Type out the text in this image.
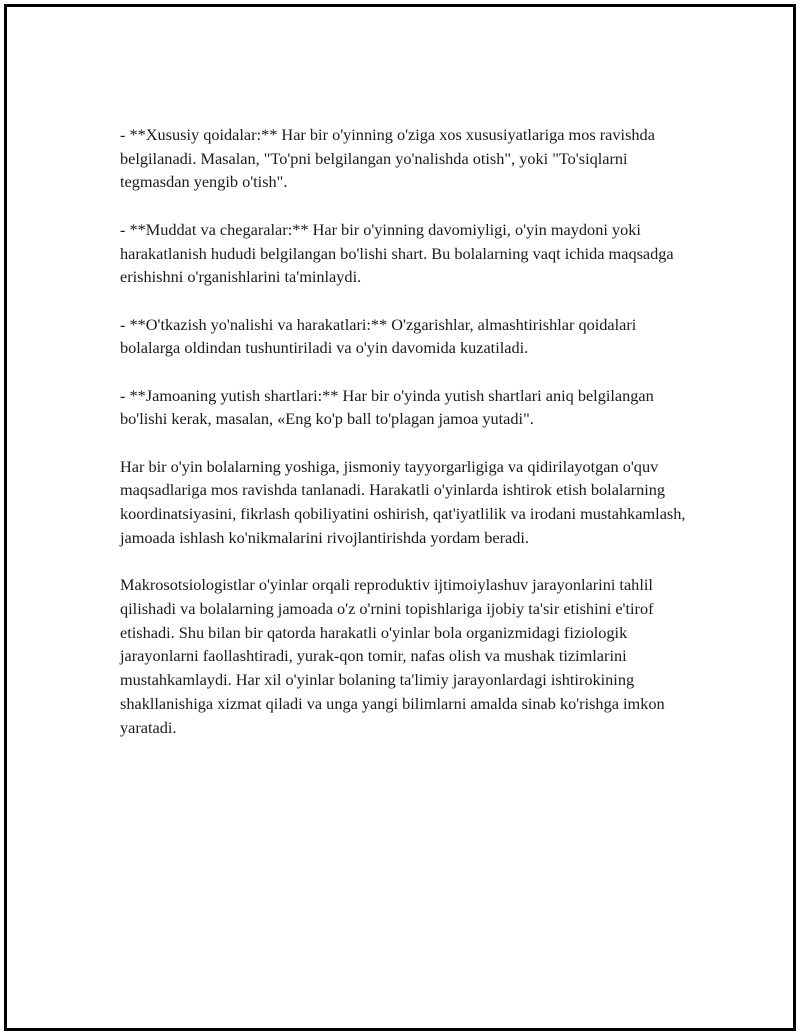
- **Xususiy qoidalar:** Har bir o'yinning o'ziga xos xususiyatlariga mos ravishda belgilanadi. Masalan, "To'pni belgilangan yo'nalishda otish", yoki "To'siqlarni tegmasdan yengib o'tish".

- **Muddat va chegaralar:** Har bir o'yinning davomiyligi, o'yin maydoni yoki harakatlanish hududi belgilangan bo'lishi shart. Bu bolalarning vaqt ichida maqsadga erishishni o'rganishlarini ta'minlaydi.

- **O'tkazish yo'nalishi va harakatlari:** O'zgarishlar, almashtirishlar qoidalari bolalarga oldindan tushuntiriladi va o'yin davomida kuzatiladi.

- **Jamoaning yutish shartlari:** Har bir o'yinda yutish shartlari aniq belgilangan bo'lishi kerak, masalan, «Eng ko'p ball to'plagan jamoa yutadi".

Har bir o'yin bolalarning yoshiga, jismoniy tayyorgarligiga va qidirilayotgan o'quv maqsadlariga mos ravishda tanlanadi. Harakatli o'yinlarda ishtirok etish bolalarning koordinatsiyasini, fikrlash qobiliyatini oshirish, qat'iyatlilik va irodani mustahkamlash, jamoada ishlash ko'nikmalarini rivojlantirishda yordam beradi.

Makrosotsiologistlar o'yinlar orqali reproduktiv ijtimoiylashuv jarayonlarini tahlil qilishadi va bolalarning jamoada o'z o'rnini topishlariga ijobiy ta'sir etishini e'tirof etishadi. Shu bilan bir qatorda harakatli o'yinlar bola organizmidagi fiziologik jarayonlarni faollashtiradi, yurak-qon tomir, nafas olish va mushak tizimlarini mustahkamlaydi. Har xil o'yinlar bolaning ta'limiy jarayonlardagi ishtirokining shakllanishiga xizmat qiladi va unga yangi bilimlarni amalda sinab ko'rishga imkon yaratadi.
